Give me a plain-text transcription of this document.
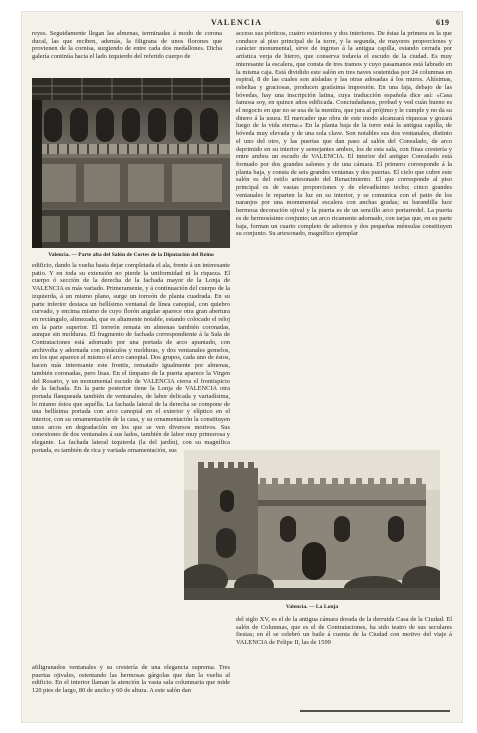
VALENCIA	619

reyes. Seguidamente llegan las almenas, terminadas á modo de corona ducal, las que reciben, además, la filigrana de unos florones que provienen de la cornisa, surgiendo de entre cada dos medallones. Dicha galería continúa hacia el lado izquierdo del referido cuerpo de

Valencia. — Parte alta del Salón de Cortes de la Diputación del Reino

acceso sus pórticos, cuatro exteriores y dos interiores. De éstas la primera es la que conduce al piso principal de la torre, y la segunda, de mayores proporciones y carácter monumental, sirve de ingreso á la antigua capilla, estando cerrada por artística verja de hierro, que conserva todavía el escudo de la ciudad. Es muy interesante la escalera, que consta de tres tramos y cuyo pasamanos está labrado en la misma caja. Está dividido este salón en tres naves sostenidas por 24 columnas en espiral, 8 de las cuales son aisladas y las otras adosadas á los muros. Altísimas, esbeltas y graciosas, producen gratísima impresión. En una faja, debajo de las bóvedas, hay una inscripción latina, cuya traducción española dice así: «Casa famosa soy, en quince años edificada. Conciudadanos, probad y ved cuán bueno es el negocio en que no se usa de la mentira, que jura al prójimo y le cumple y no da su dinero á la usura. El mercader que obra de este modo alcanzará riquezas y gozará luego de la vida eterna.» En la planta baja de la torre está la antigua capilla, de bóveda muy elevada y de una sola clave. Son notables sus dos ventanales, distinto el uno del otro, y las puertas que dan paso al salón del Consulado, de arco deprimido en su interior y semejantes ambos, los de esta sala, con finas crestería y entre ambos un escudo de VALENCIA. El interior del antiguo Consulado está formado por dos grandes salones y de una cámara. El primero corresponde á la planta baja, y consta de seis grandes ventanas y dos puertas. El cielo que cubre este salón es del estilo artesonado del Renacimiento. El que corresponde al piso principal es de vastas proporciones y de elevadísimo techo; cinco grandes ventanales le reparten la luz en su interior, y se comunica con el patio de los naranjos por una monumental escalera con anchas gradas; su barandilla luce hermosa decoración ojival y la puerta es de un sencillo arco portarredel. La puerta es de hermosísimo conjunto; un arco ricamente adornado, con tarjas que, en su parte baja, forman un cuarto completo de adornos y dos pequeñas ménsulas constituyen su conjunto. Su artesonado, magnífico ejemplar

edificio, dando la vuelta hasta dejar completada el ala, frente á un interesante patio. Y en toda su extensión no pierde la uniformidad ni la riqueza. El cuerpo ó sección de la derecha de la fachada mayor de la Lonja de VALENCIA es más variado. Primeramente, y á continuación del cuerpo de la izquierda, á un mismo plano, surge un torreón de planta cuadrada. En su parte inferior destaca un bellísimo ventanal de línea canopial, con quiebro curvado, y encima mismo de cuyo florón angular aparece otra gran abertura en rectángulo, alimezada, que es altamente notable, estando colocado el reloj en la parte superior. El torreón remata en almenas también coronadas, aunque sin molduras. El fragmento de fachada correspondiente á la Sala de Contrataciones está adornado por una portada de arco apuntado, con archivolta y adornada con pináculos y molduras, y dos ventanales gemelos, en los que aparece el mismo el arco canopial. Dos grupos, cada uno de éstos, hacen más interesante este frontis, rematado igualmente por almenas, también coronadas, pero lisas. En el tímpano de la puerta aparece la Virgen del Rosario, y un monumental escudo de VALENCIA cierra el frontispicio de la fachada. En la parte posterior tiene la Lonja de VALENCIA otra portada flanqueada también de ventanales, de labor delicada y variadísima, lo mismo éstos que aquélla. La fachada lateral de la derecha se compone de una bellísima portada con arco canopial en el exterior y elíptico en el interior, con su ornamentación de la casa, y su ornamentación la constituyen unos arcos en degradación en los que se ven diversos motivos. Sus conexiones de dos ventanales á sus lados, también de labor muy primorosa y elegante. La fachada lateral izquierda (la del jardín), con su magnífica portada, es también de rica y variada ornamentación, sus

Valencia. — La Lonja

afiligranados ventanales y su crestería de una elegancia suprema. Tres puertas ojivales, ostentando las hermosas gárgolas que dan la vuelta al edificio. En el interior llaman la atención la vasta sala columnaria que mide 120 pies de largo, 80 de ancho y 60 de altura. A este salón dan

del siglo XV, es el de la antigua cámara dorada de la derruida Casa de la Ciudad. El salón de Columnas, que es el de Contrataciones, ha sido teatro de sus seculares fiestas; en él se celebró un baile á cuenta de la Ciudad con motivo del viaje á VALENCIA de Felipe II, las de 1599
